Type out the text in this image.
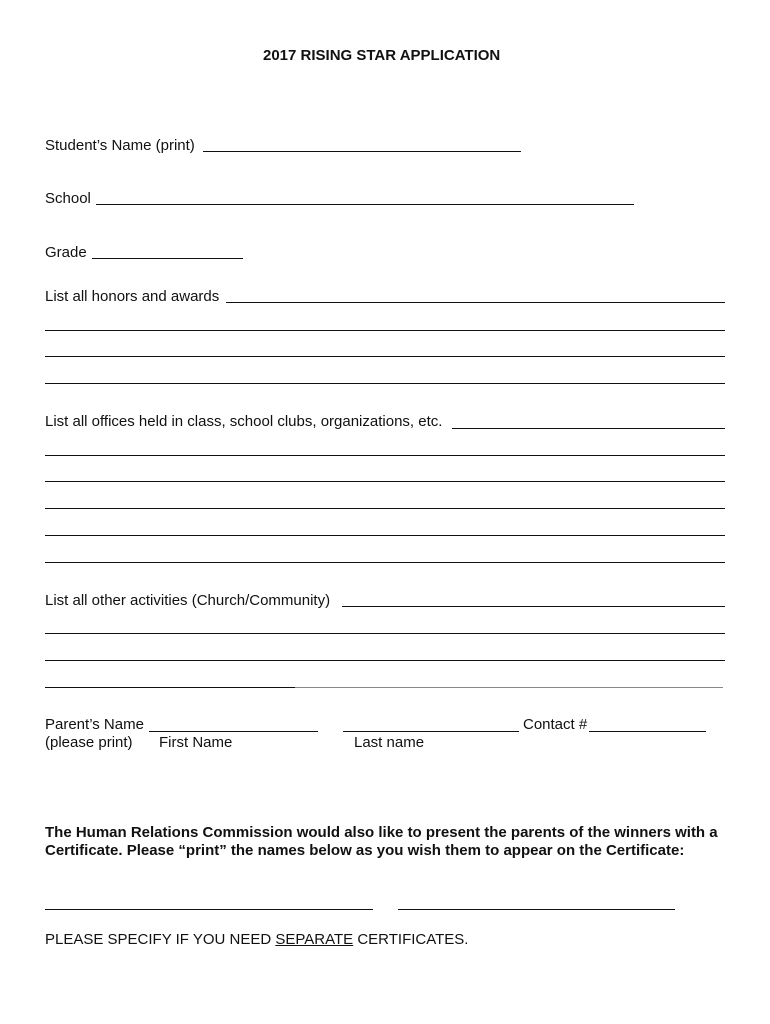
2017 RISING STAR APPLICATION
Student’s Name (print)
School
Grade
List all honors and awards
List all offices held in class, school clubs, organizations, etc.
List all other activities (Church/Community)
Parent’s Name	Contact #
(please print) First Name	Last name
The Human Relations Commission would also like to present the parents of the winners with a
Certificate. Please “print” the names below as you wish them to appear on the Certificate:
PLEASE SPECIFY IF YOU NEED SEPARATE CERTIFICATES.
